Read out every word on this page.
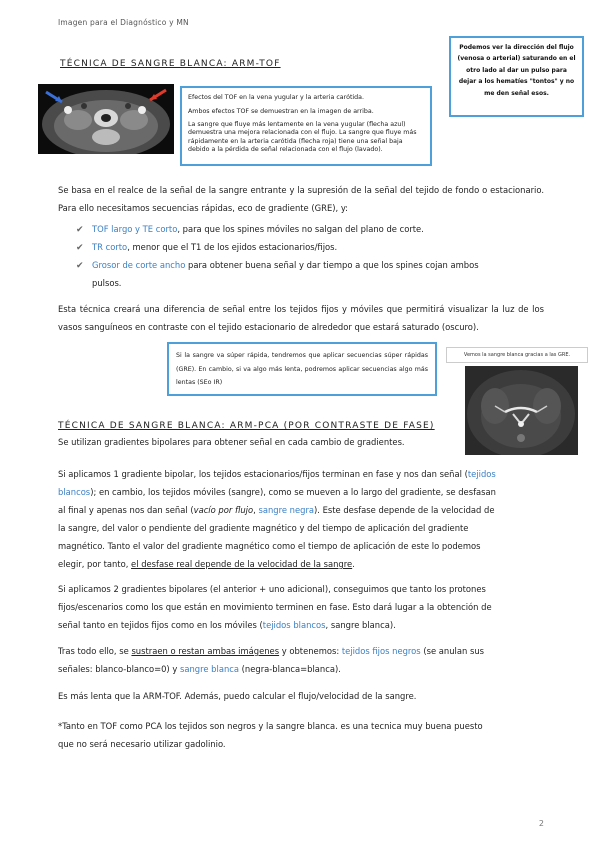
Imagen para el Diagnóstico y MN
Podemos ver la dirección del flujo (venosa o arterial) saturando en el otro lado al dar un pulso para dejar a los hematíes "tontos" y no me den señal esos.
TÉCNICA DE SANGRE BLANCA: ARM-TOF
Efectos del TOF en la vena yugular y la arteria carótida.
Ambos efectos TOF se demuestran en la imagen de arriba.
La sangre que fluye más lentamente en la vena yugular (flecha azul) demuestra una mejora relacionada con el flujo. La sangre que fluye más rápidamente en la arteria carótida (flecha roja) tiene una señal baja debido a la pérdida de señal relacionada con el flujo (lavado).
Se basa en el realce de la señal de la sangre entrante y la supresión de la señal del tejido de fondo o estacionario. Para ello necesitamos secuencias rápidas, eco de gradiente (GRE), y:
✔ TOF largo y TE corto, para que los spines móviles no salgan del plano de corte.
✔ TR corto, menor que el T1 de los ejidos estacionarios/fijos.
✔ Grosor de corte ancho para obtener buena señal y dar tiempo a que los spines cojan ambos
pulsos.
Esta técnica creará una diferencia de señal entre los tejidos fijos y móviles que permitirá visualizar la luz de los vasos sanguíneos en contraste con el tejido estacionario de alrededor que estará saturado (oscuro).
Si la sangre va súper rápida, tendremos que aplicar secuencias súper rápidas (GRE). En cambio, si va algo más lenta, podremos aplicar secuencias algo más lentas (SEo IR)
Vemos la sangre blanca gracias a las GRE.
TÉCNICA DE SANGRE BLANCA: ARM-PCA (POR CONTRASTE DE FASE)
Se utilizan gradientes bipolares para obtener señal en cada cambio de gradientes.
Si aplicamos 1 gradiente bipolar, los tejidos estacionarios/fijos terminan en fase y nos dan señal (tejidos
blancos); en cambio, los tejidos móviles (sangre), como se mueven a lo largo del gradiente, se desfasan
al final y apenas nos dan señal (vacío por flujo, sangre negra). Este desfase depende de la velocidad de
la sangre, del valor o pendiente del gradiente magnético y del tiempo de aplicación del gradiente
magnético. Tanto el valor del gradiente magnético como el tiempo de aplicación de este lo podemos
elegir, por tanto, el desfase real depende de la velocidad de la sangre.
Si aplicamos 2 gradientes bipolares (el anterior + uno adicional), conseguimos que tanto los protones
fijos/escenarios como los que están en movimiento terminen en fase. Esto dará lugar a la obtención de
señal tanto en tejidos fijos como en los móviles (tejidos blancos, sangre blanca).
Tras todo ello, se sustraen o restan ambas imágenes y obtenemos: tejidos fijos negros (se anulan sus
señales: blanco-blanco=0) y sangre blanca (negra-blanca=blanca).
Es más lenta que la ARM-TOF. Además, puedo calcular el flujo/velocidad de la sangre.
*Tanto en TOF como PCA los tejidos son negros y la sangre blanca. es una tecnica muy buena puesto
que no será necesario utilizar gadolinio.
2
